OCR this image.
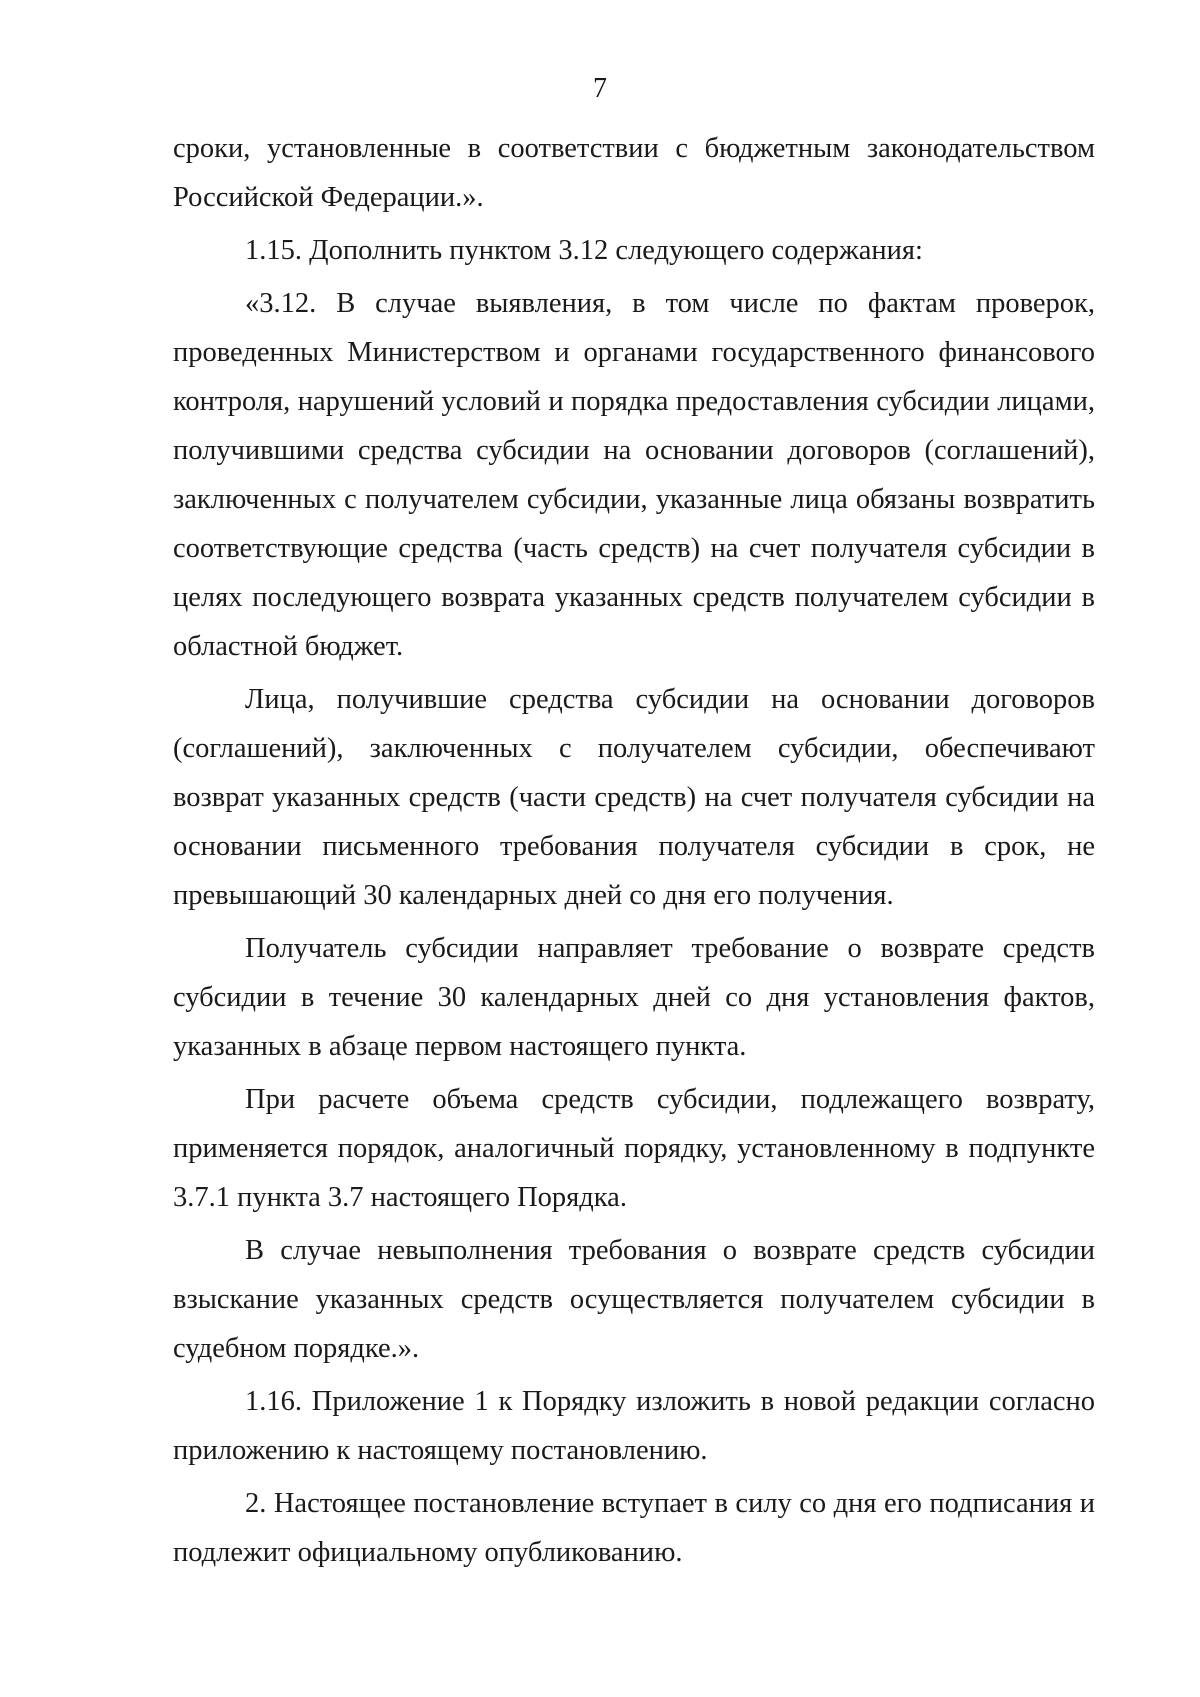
7

сроки, установленные в соответствии с бюджетным законодательством Российской Федерации.».

1.15. Дополнить пунктом 3.12 следующего содержания:

«3.12. В случае выявления, в том числе по фактам проверок, проведенных Министерством и органами государственного финансового контроля, нарушений условий и порядка предоставления субсидии лицами, получившими средства субсидии на основании договоров (соглашений), заключенных с получателем субсидии, указанные лица обязаны возвратить соответствующие средства (часть средств) на счет получателя субсидии в целях последующего возврата указанных средств получателем субсидии в областной бюджет.

Лица, получившие средства субсидии на основании договоров (соглашений), заключенных с получателем субсидии, обеспечивают возврат указанных средств (части средств) на счет получателя субсидии на основании письменного требования получателя субсидии в срок, не превышающий 30 календарных дней со дня его получения.

Получатель субсидии направляет требование о возврате средств субсидии в течение 30 календарных дней со дня установления фактов, указанных в абзаце первом настоящего пункта.

При расчете объема средств субсидии, подлежащего возврату, применяется порядок, аналогичный порядку, установленному в подпункте 3.7.1 пункта 3.7 настоящего Порядка.

В случае невыполнения требования о возврате средств субсидии взыскание указанных средств осуществляется получателем субсидии в судебном порядке.».

1.16. Приложение 1 к Порядку изложить в новой редакции согласно приложению к настоящему постановлению.

2. Настоящее постановление вступает в силу со дня его подписания и подлежит официальному опубликованию.
